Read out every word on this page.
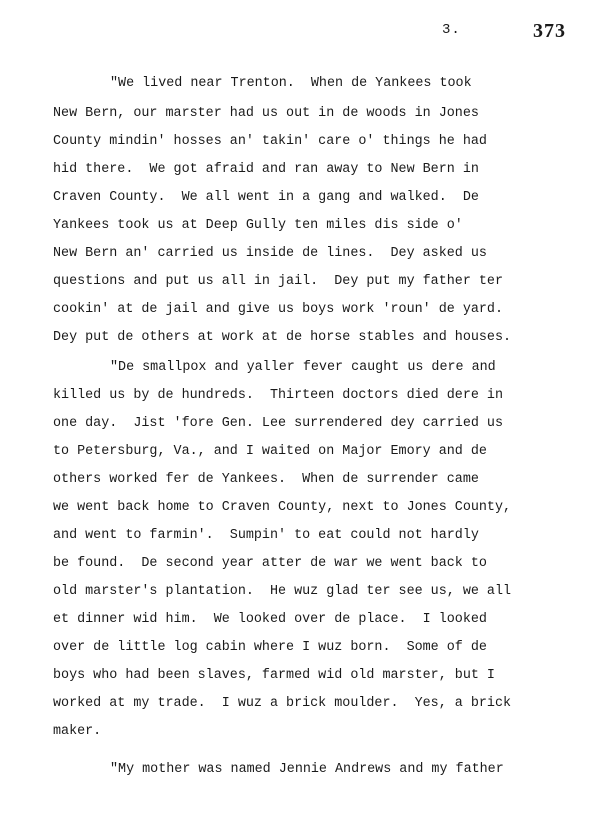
3.	373

"We lived near Trenton.  When de Yankees took

New Bern, our marster had us out in de woods in Jones

County mindin' hosses an' takin' care o' things he had

hid there.  We got afraid and ran away to New Bern in

Craven County.  We all went in a gang and walked.  De

Yankees took us at Deep Gully ten miles dis side o'

New Bern an' carried us inside de lines.  Dey asked us

questions and put us all in jail.  Dey put my father ter

cookin' at de jail and give us boys work 'roun' de yard.

Dey put de others at work at de horse stables and houses.

"De smallpox and yaller fever caught us dere and

killed us by de hundreds.  Thirteen doctors died dere in

one day.  Jist 'fore Gen. Lee surrendered dey carried us

to Petersburg, Va., and I waited on Major Emory and de

others worked fer de Yankees.  When de surrender came

we went back home to Craven County, next to Jones County,

and went to farmin'.  Sumpin' to eat could not hardly

be found.  De second year atter de war we went back to

old marster's plantation.  He wuz glad ter see us, we all

et dinner wid him.  We looked over de place.  I looked

over de little log cabin where I wuz born.  Some of de

boys who had been slaves, farmed wid old marster, but I

worked at my trade.  I wuz a brick moulder.  Yes, a brick

maker.

"My mother was named Jennie Andrews and my father
